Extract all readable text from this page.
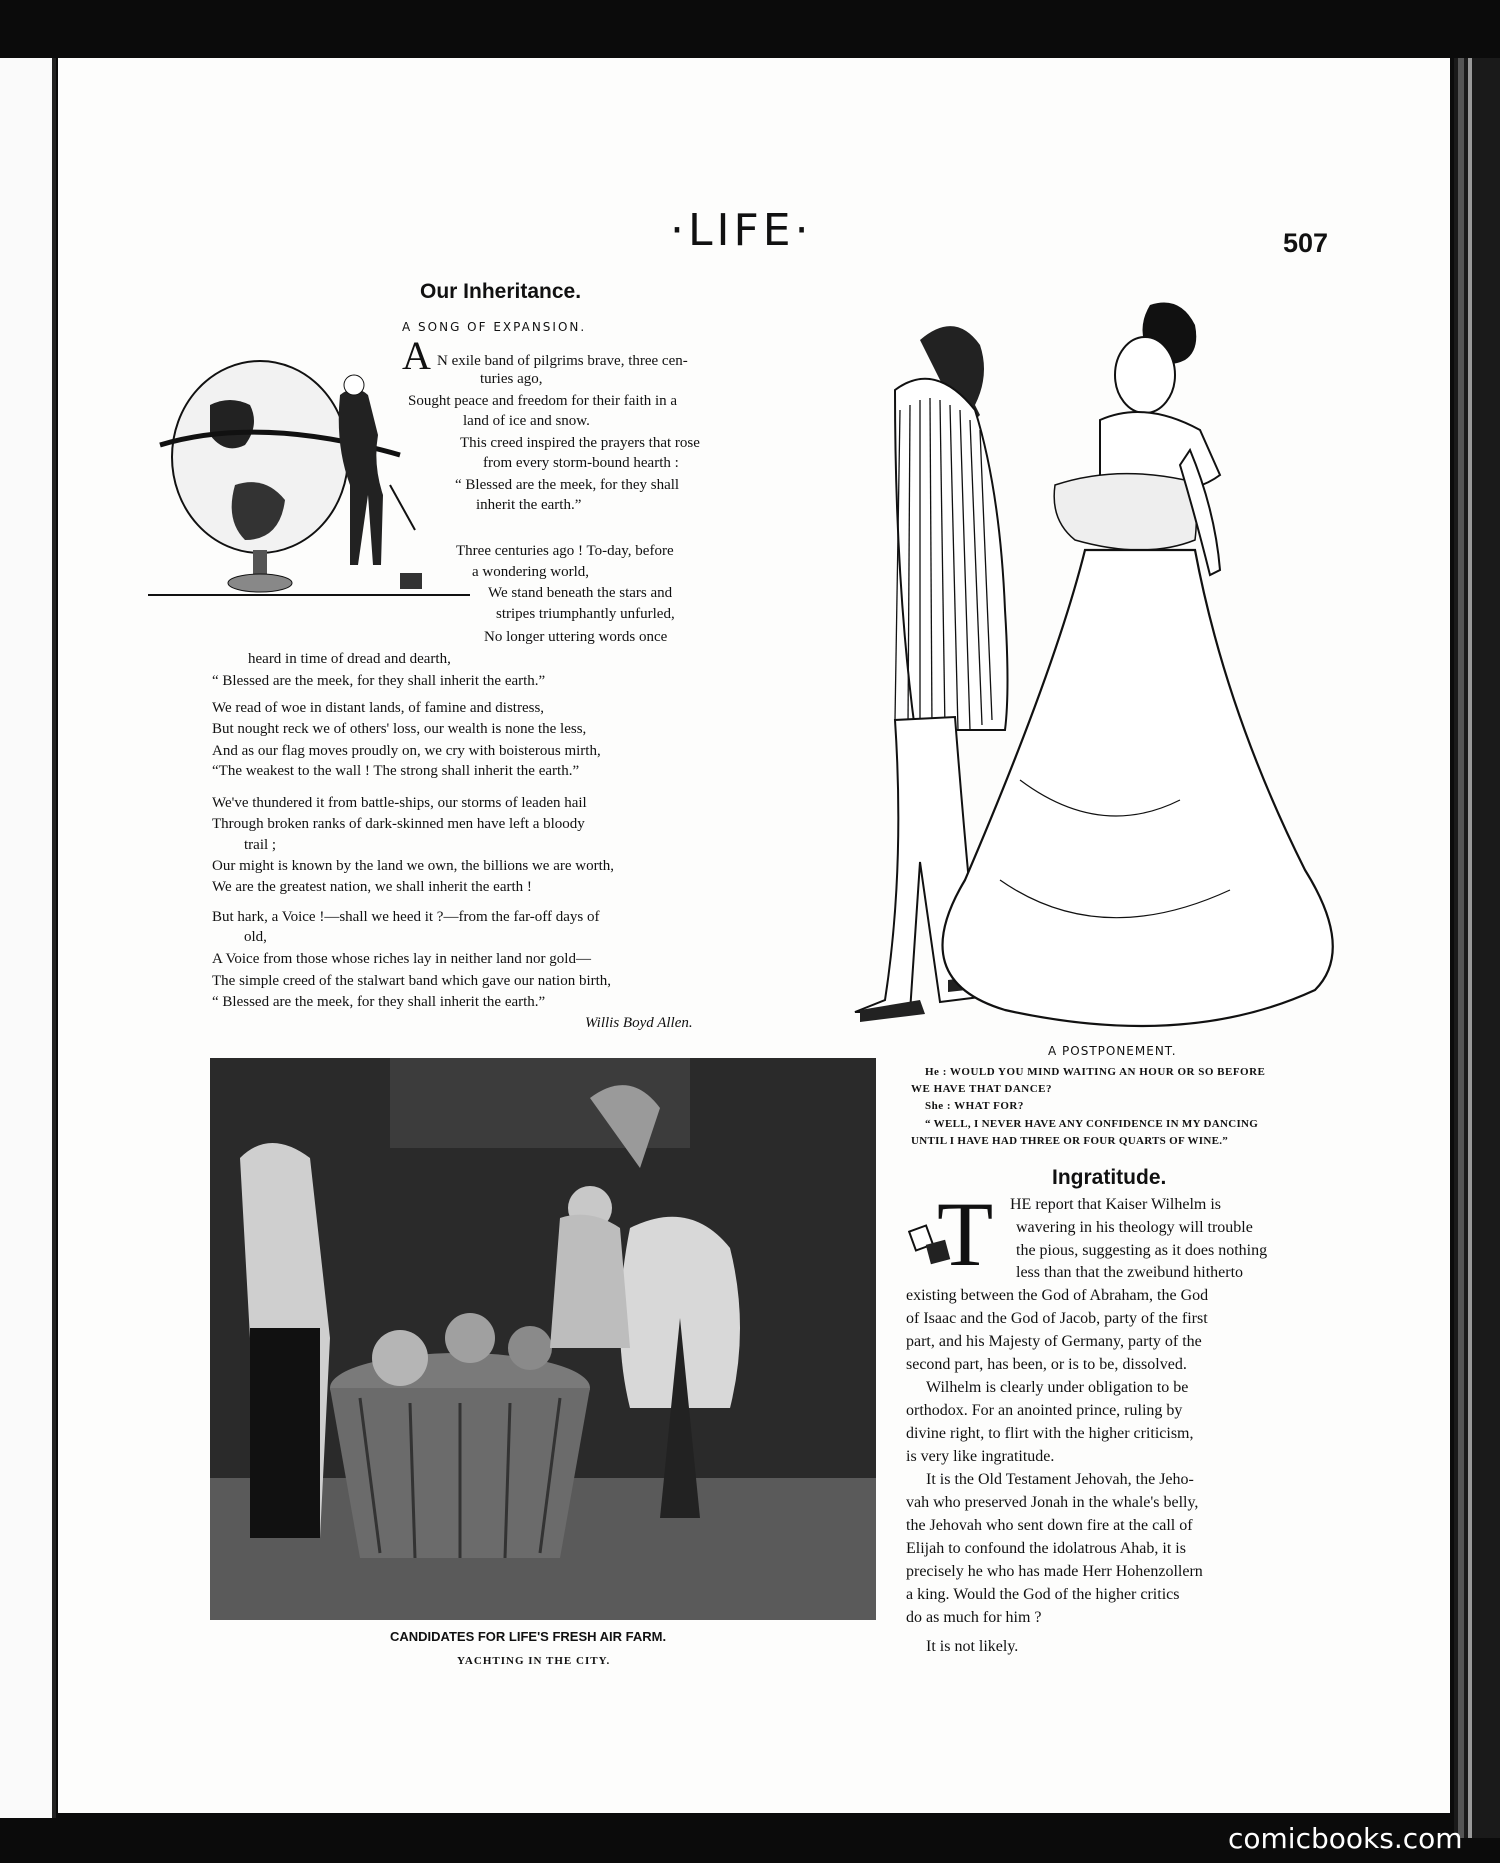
·LIFE·	507
Our Inheritance.
A SONG OF EXPANSION.
A N exile band of pilgrims brave, three cen-
turies ago,
Sought peace and freedom for their faith in a
land of ice and snow.
This creed inspired the prayers that rose
from every storm-bound hearth :
“ Blessed are the meek, for they shall
inherit the earth.”
Three centuries ago ! To-day, before
a wondering world,
We stand beneath the stars and
stripes triumphantly unfurled,
No longer uttering words once
heard in time of dread and dearth,
“ Blessed are the meek, for they shall inherit the earth.”
We read of woe in distant lands, of famine and distress,
But nought reck we of others' loss, our wealth is none the less,
And as our flag moves proudly on, we cry with boisterous mirth,
“The weakest to the wall ! The strong shall inherit the earth.”
We've thundered it from battle-ships, our storms of leaden hail
Through broken ranks of dark-skinned men have left a bloody
trail ;
Our might is known by the land we own, the billions we are worth,
We are the greatest nation, we shall inherit the earth !
But hark, a Voice !—shall we heed it ?—from the far-off days of
old,
A Voice from those whose riches lay in neither land nor gold—
The simple creed of the stalwart band which gave our nation birth,
“ Blessed are the meek, for they shall inherit the earth.”
Willis Boyd Allen.
A POSTPONEMENT.
He : WOULD YOU MIND WAITING AN HOUR OR SO BEFORE
WE HAVE THAT DANCE?
She : WHAT FOR?
“ WELL, I NEVER HAVE ANY CONFIDENCE IN MY DANCING
UNTIL I HAVE HAD THREE OR FOUR QUARTS OF WINE.”
CANDIDATES FOR LIFE'S FRESH AIR FARM.
YACHTING IN THE CITY.
Ingratitude.
T HE report that Kaiser Wilhelm is
wavering in his theology will trouble
the pious, suggesting as it does nothing
less than that the zweibund hitherto
existing between the God of Abraham, the God
of Isaac and the God of Jacob, party of the first
part, and his Majesty of Germany, party of the
second part, has been, or is to be, dissolved.
Wilhelm is clearly under obligation to be
orthodox. For an anointed prince, ruling by
divine right, to flirt with the higher criticism,
is very like ingratitude.
It is the Old Testament Jehovah, the Jeho-
vah who preserved Jonah in the whale's belly,
the Jehovah who sent down fire at the call of
Elijah to confound the idolatrous Ahab, it is
precisely he who has made Herr Hohenzollern
a king. Would the God of the higher critics
do as much for him ?
It is not likely.
comicbooks.com
